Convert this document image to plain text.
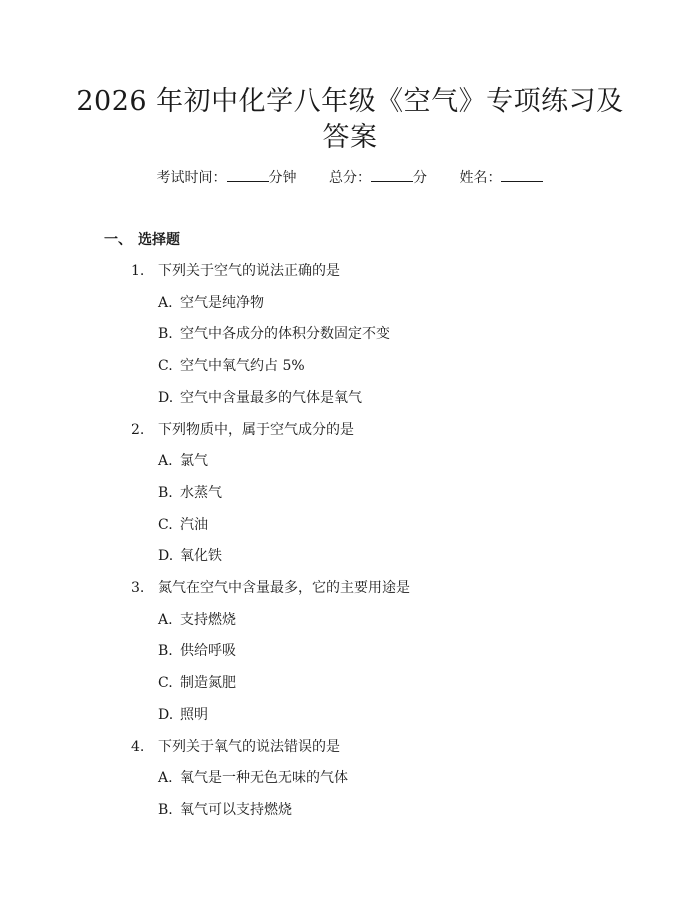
2026 年初中化学八年级《空气》专项练习及
答案
考试时间：	分钟 总分：	分 姓名：
一、 选择题
1. 下列关于空气的说法正确的是
A. 空气是纯净物
B. 空气中各成分的体积分数固定不变
C. 空气中氧气约占 5%
D. 空气中含量最多的气体是氧气
2. 下列物质中，属于空气成分的是
A. 氯气
B. 水蒸气
C. 汽油
D. 氧化铁
3. 氮气在空气中含量最多，它的主要用途是
A. 支持燃烧
B. 供给呼吸
C. 制造氮肥
D. 照明
4. 下列关于氧气的说法错误的是
A. 氧气是一种无色无味的气体
B. 氧气可以支持燃烧
